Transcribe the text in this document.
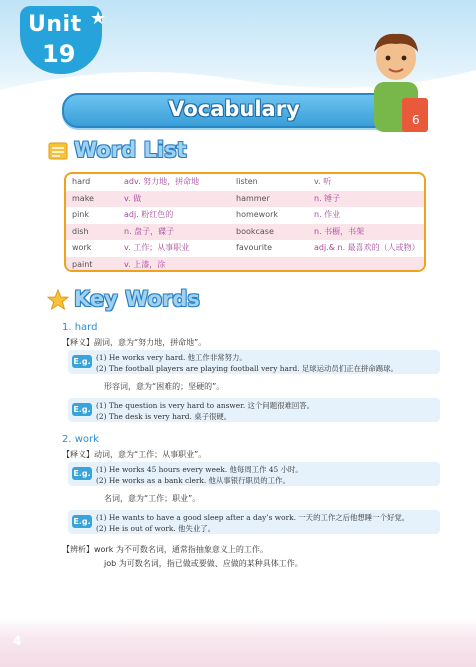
Unit
19
★
Vocabulary	6
Word List
hard	adv. 努力地，拼命地	listen	v. 听
make	v. 做	hammer	n. 锤子
pink	adj. 粉红色的	homework	n. 作业
dish	n. 盘子，碟子	bookcase	n. 书橱，书架
work	v. 工作；从事职业	favourite	adj.& n. 最喜欢的（人或物）
paint	v. 上漆，涂
Key Words
1. hard
【释义】副词，意为“努力地，拼命地”。
E.g. (1) He works very hard. 他工作非常努力。
(2) The football players are playing football very hard. 足球运动员们正在拼命踢球。
形容词，意为“困难的；坚硬的”。
E.g. (1) The question is very hard to answer. 这个问题很难回答。
(2) The desk is very hard. 桌子很硬。
2. work
【释义】动词，意为“工作；从事职业”。
E.g. (1) He works 45 hours every week. 他每周工作 45 小时。
(2) He works as a bank clerk. 他从事银行职员的工作。
名词，意为“工作；职业”。
E.g. (1) He wants to have a good sleep after a day’s work. 一天的工作之后他想睡一个好觉。
(2) He is out of work. 他失业了。
【辨析】work 为不可数名词，通常指抽象意义上的工作。
job 为可数名词，指已做或要做、应做的某种具体工作。
4
